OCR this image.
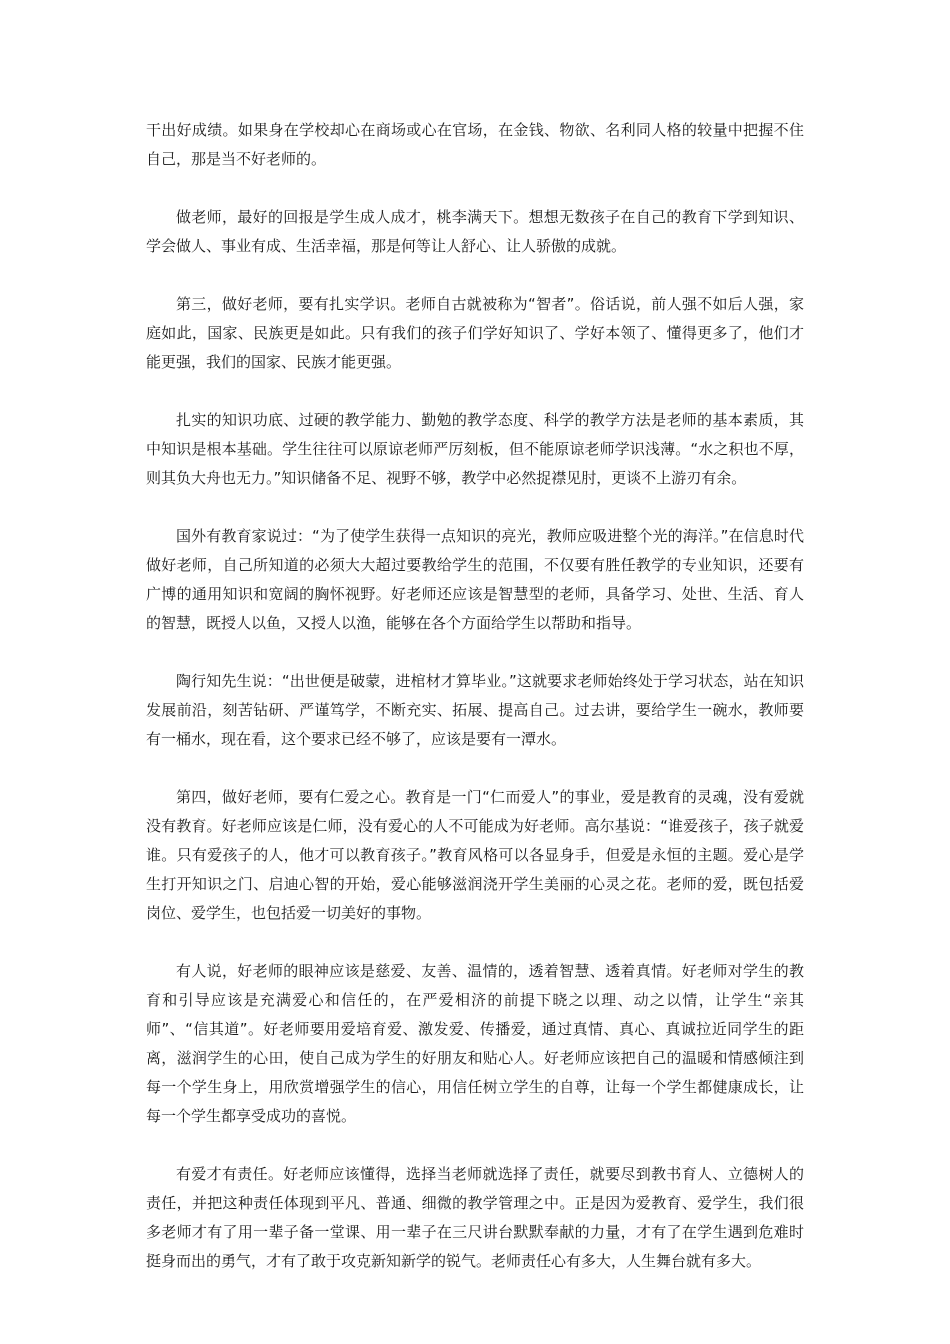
干出好成绩。如果身在学校却心在商场或心在官场，在金钱、物欲、名利同人格的较量中把握不住自己，那是当不好老师的。

做老师，最好的回报是学生成人成才，桃李满天下。想想无数孩子在自己的教育下学到知识、学会做人、事业有成、生活幸福，那是何等让人舒心、让人骄傲的成就。

第三，做好老师，要有扎实学识。老师自古就被称为“智者”。俗话说，前人强不如后人强，家庭如此，国家、民族更是如此。只有我们的孩子们学好知识了、学好本领了、懂得更多了，他们才能更强，我们的国家、民族才能更强。

扎实的知识功底、过硬的教学能力、勤勉的教学态度、科学的教学方法是老师的基本素质，其中知识是根本基础。学生往往可以原谅老师严厉刻板，但不能原谅老师学识浅薄。“水之积也不厚，则其负大舟也无力。”知识储备不足、视野不够，教学中必然捉襟见肘，更谈不上游刃有余。

国外有教育家说过：“为了使学生获得一点知识的亮光，教师应吸进整个光的海洋。”在信息时代做好老师，自己所知道的必须大大超过要教给学生的范围，不仅要有胜任教学的专业知识，还要有广博的通用知识和宽阔的胸怀视野。好老师还应该是智慧型的老师，具备学习、处世、生活、育人的智慧，既授人以鱼，又授人以渔，能够在各个方面给学生以帮助和指导。

陶行知先生说：“出世便是破蒙，进棺材才算毕业。”这就要求老师始终处于学习状态，站在知识发展前沿，刻苦钻研、严谨笃学，不断充实、拓展、提高自己。过去讲，要给学生一碗水，教师要有一桶水，现在看，这个要求已经不够了，应该是要有一潭水。

第四，做好老师，要有仁爱之心。教育是一门“仁而爱人”的事业，爱是教育的灵魂，没有爱就没有教育。好老师应该是仁师，没有爱心的人不可能成为好老师。高尔基说：“谁爱孩子，孩子就爱谁。只有爱孩子的人，他才可以教育孩子。”教育风格可以各显身手，但爱是永恒的主题。爱心是学生打开知识之门、启迪心智的开始，爱心能够滋润浇开学生美丽的心灵之花。老师的爱，既包括爱岗位、爱学生，也包括爱一切美好的事物。

有人说，好老师的眼神应该是慈爱、友善、温情的，透着智慧、透着真情。好老师对学生的教育和引导应该是充满爱心和信任的，在严爱相济的前提下晓之以理、动之以情，让学生“亲其师”、“信其道”。好老师要用爱培育爱、激发爱、传播爱，通过真情、真心、真诚拉近同学生的距离，滋润学生的心田，使自己成为学生的好朋友和贴心人。好老师应该把自己的温暖和情感倾注到每一个学生身上，用欣赏增强学生的信心，用信任树立学生的自尊，让每一个学生都健康成长，让每一个学生都享受成功的喜悦。

有爱才有责任。好老师应该懂得，选择当老师就选择了责任，就要尽到教书育人、立德树人的责任，并把这种责任体现到平凡、普通、细微的教学管理之中。正是因为爱教育、爱学生，我们很多老师才有了用一辈子备一堂课、用一辈子在三尺讲台默默奉献的力量，才有了在学生遇到危难时挺身而出的勇气，才有了敢于攻克新知新学的锐气。老师责任心有多大，人生舞台就有多大。
